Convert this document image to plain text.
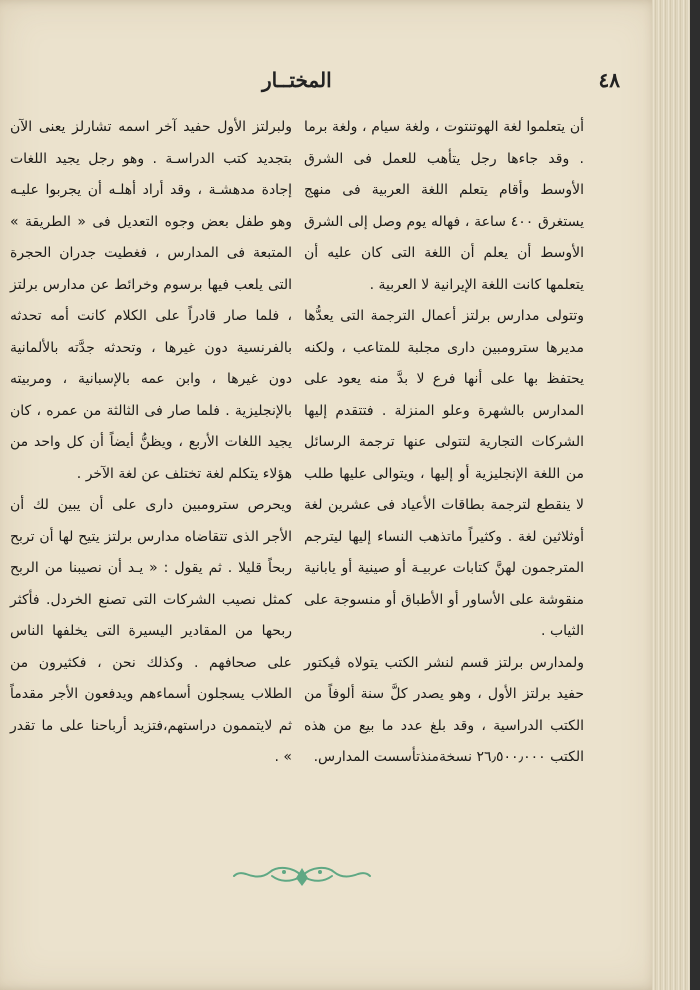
٤٨
المختــار

أن يتعلموا لغة الهوتنتوت ، ولغة سيام ، ولغة برما . وقد جاءها رجل يتأهب للعمل فى الشرق الأوسط وأقام يتعلم اللغة العربية فى منهج يستغرق ٤٠٠ ساعة ، فهاله يوم وصل إلى الشرق الأوسط أن يعلم أن اللغة التى كان عليه أن يتعلمها كانت اللغة الإيرانية لا العربية .

وتتولى مدارس برلتز أعمال الترجمة التى يعدُّها مديرها سترومبين دارى مجلبة للمتاعب ، ولكنه يحتفظ بها على أنها فرع لا بدَّ منه يعود على المدارس بالشهرة وعلو المنزلة . فتتقدم إليها الشركات التجارية لتتولى عنها ترجمة الرسائل من اللغة الإنجليزية أو إليها ، ويتوالى عليها طلب لا ينقطع لترجمة بطاقات الأعياد فى عشرين لغة أوثلاثين لغة . وكثيراً ماتذهب النساء إليها ليترجم المترجمون لهنَّ كتابات عربيـة أو صينية أو يابانية منقوشة على الأساور أو الأطباق أو منسوجة على الثياب .

ولمدارس برلتز قسم لنشر الكتب يتولاه ڤيكتور حفيد برلتز الأول ، وهو يصدر كلَّ سنة ألوفاً من الكتب الدراسية ، وقد بلغ عدد ما بيع من هذه الكتب ٢٦٫٥٠٠٫٠٠٠ نسخةمنذتأسست المدارس.

ولبرلتز الأول حفيد آخر اسمه تشارلز يعنى الآن بتجديد كتب الدراسـة . وهو رجل يجيد اللغات إجادة مدهشـة ، وقد أراد أهلـه أن يجربوا عليـه وهو طفل بعض وجوه التعديل فى « الطريقة » المتبعة فى المدارس ، فغطيت جدران الحجرة التى يلعب فيها برسوم وخرائط عن مدارس برلتز ، فلما صار قادراً على الكلام كانت أمه تحدثه بالفرنسية دون غيرها ، وتحدثه جدَّته بالألمانية دون غيرها ، وابن عمه بالإسبانية ، ومربيته بالإنجليزية . فلما صار فى الثالثة من عمره ، كان يجيد اللغات الأربع ، ويظنُّ أيضاً أن كل واحد من هؤلاء يتكلم لغة تختلف عن لغة الآخر .

ويحرص سترومبين دارى على أن يبين لك أن الأجر الذى تتقاضاه مدارس برلتز يتيح لها أن تربح ربحاً قليلا . ثم يقول : « يـد أن نصيبنا من الربح كمثل نصيب الشركات التى تصنع الخردل. فأكثر ربحها من المقادير اليسيرة التى يخلفها الناس على صحافهم . وكذلك نحن ، فكثيرون من الطلاب يسجلون أسماءهم ويدفعون الأجر مقدماً ثم لايتممون دراستهم،فتزيد أرباحنا على ما تقدر » .
